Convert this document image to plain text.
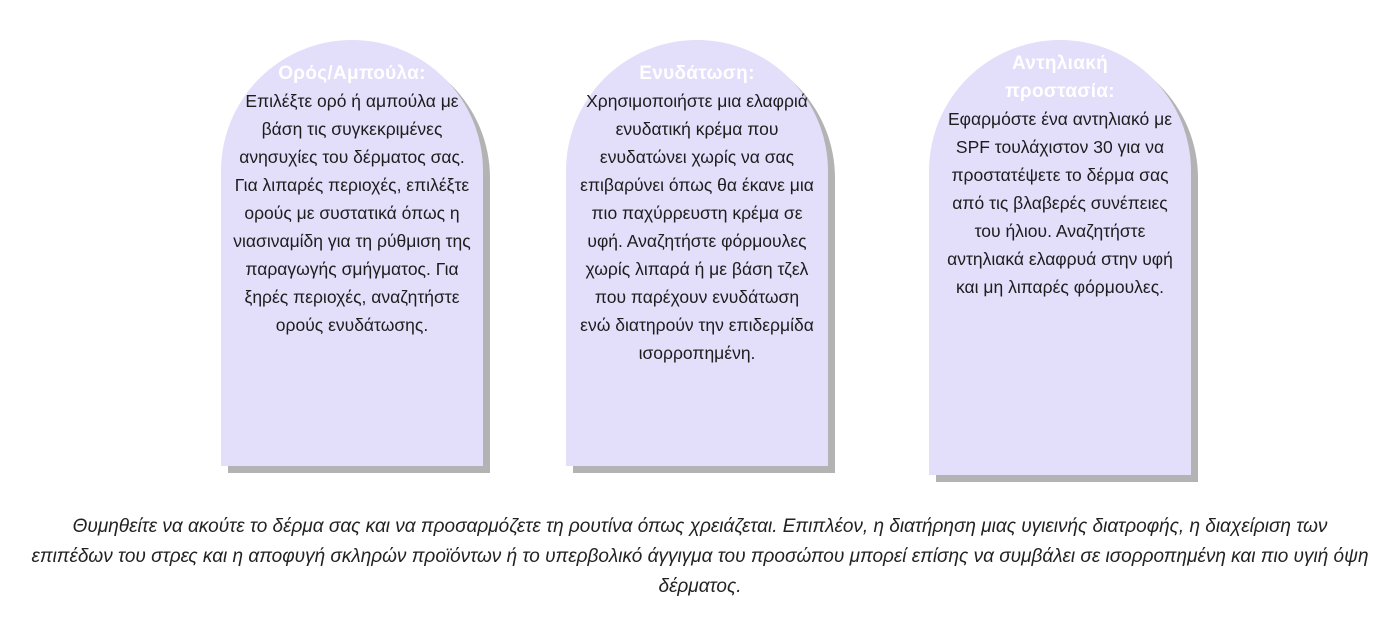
Ορός/Αμπούλα:
Επιλέξτε ορό ή αμπούλα με βάση τις συγκεκριμένες ανησυχίες του δέρματος σας. Για λιπαρές περιοχές, επιλέξτε ορούς με συστατικά όπως η νιασιναμίδη για τη ρύθμιση της παραγωγής σμήγματος. Για ξηρές περιοχές, αναζητήστε ορούς ενυδάτωσης.
Ενυδάτωση:
Χρησιμοποιήστε μια ελαφριά ενυδατική κρέμα που ενυδατώνει χωρίς να σας επιβαρύνει όπως θα έκανε μια πιο παχύρρευστη κρέμα σε υφή. Αναζητήστε φόρμουλες χωρίς λιπαρά ή με βάση τζελ που παρέχουν ενυδάτωση ενώ διατηρούν την επιδερμίδα ισορροπημένη.
Αντηλιακή προστασία:
Εφαρμόστε ένα αντηλιακό με SPF τουλάχιστον 30 για να προστατέψετε το δέρμα σας από τις βλαβερές συνέπειες του ήλιου. Αναζητήστε αντηλιακά ελαφρυά στην υφή και μη λιπαρές φόρμουλες.
Θυμηθείτε να ακούτε το δέρμα σας και να προσαρμόζετε τη ρουτίνα όπως χρειάζεται. Επιπλέον, η διατήρηση μιας υγιεινής διατροφής, η διαχείριση των επιπέδων του στρες και η αποφυγή σκληρών προϊόντων ή το υπερβολικό άγγιγμα του προσώπου μπορεί επίσης να συμβάλει σε ισορροπημένη και πιο υγιή όψη δέρματος.
